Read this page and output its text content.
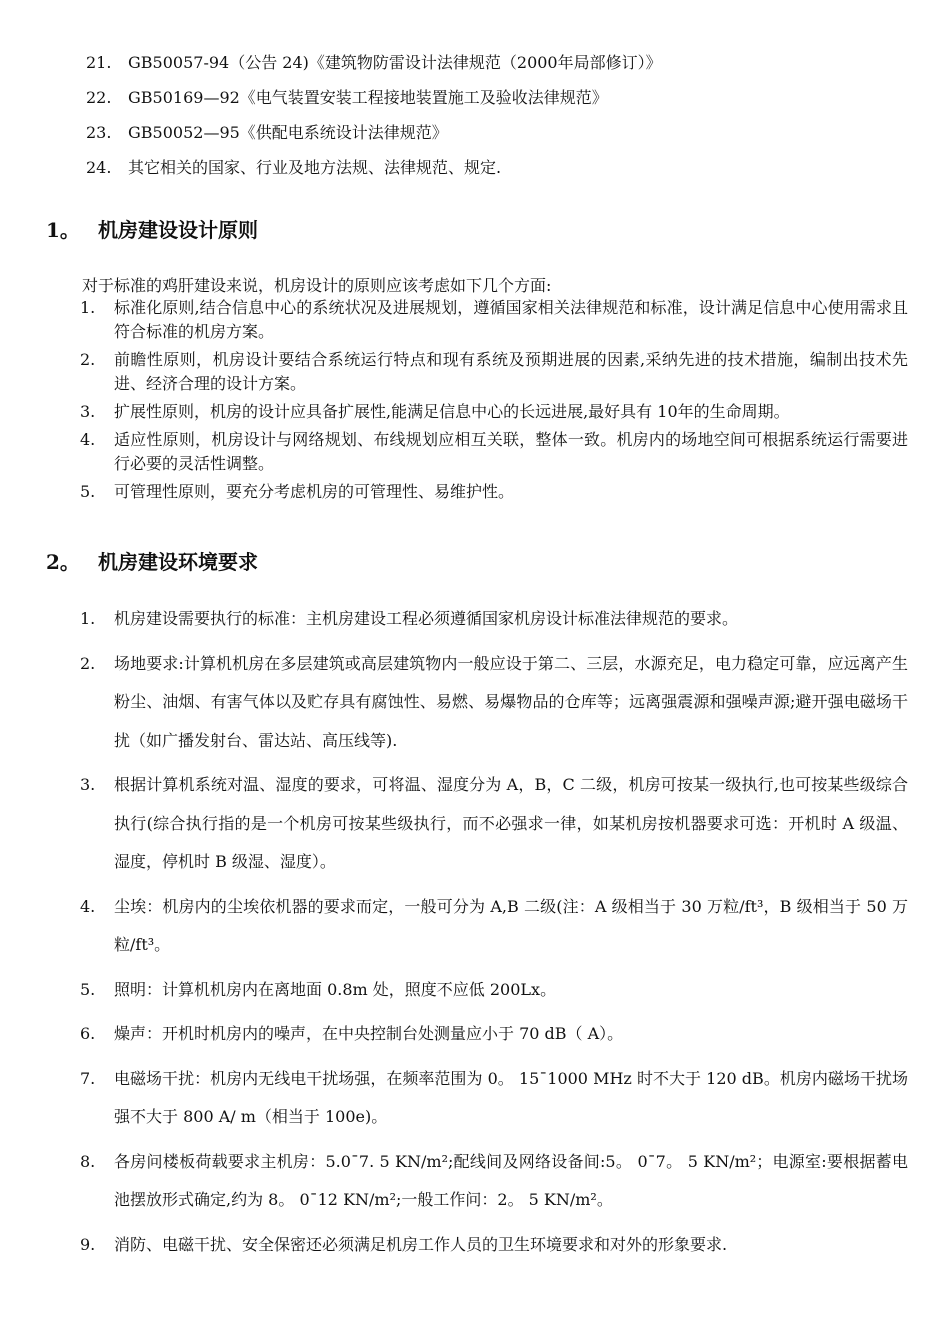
21.	GB50057-94（公告 24)《建筑物防雷设计法律规范（2000年局部修订）》
22.	GB50169—92《电气装置安装工程接地装置施工及验收法律规范》
23.	GB50052—95《供配电系统设计法律规范》
24.	其它相关的国家、行业及地方法规、法律规范、规定.
1。 机房建设设计原则
对于标准的鸡肝建设来说，机房设计的原则应该考虑如下几个方面:
1.	标准化原则,结合信息中心的系统状况及进展规划，遵循国家相关法律规范和标准，设计满足信息中心使用需求且符合标准的机房方案。
2.	前瞻性原则，机房设计要结合系统运行特点和现有系统及预期进展的因素,采纳先进的技术措施，编制出技术先进、经济合理的设计方案。
3.	扩展性原则，机房的设计应具备扩展性,能满足信息中心的长远进展,最好具有 10年的生命周期。
4.	适应性原则，机房设计与网络规划、布线规划应相互关联，整体一致。机房内的场地空间可根据系统运行需要进行必要的灵活性调整。
5.	可管理性原则，要充分考虑机房的可管理性、易维护性。
2。 机房建设环境要求
1.	机房建设需要执行的标准：主机房建设工程必须遵循国家机房设计标准法律规范的要求。
2.	场地要求:计算机机房在多层建筑或高层建筑物内一般应设于第二、三层，水源充足，电力稳定可靠，应远离产生粉尘、油烟、有害气体以及贮存具有腐蚀性、易燃、易爆物品的仓库等；远离强震源和强噪声源;避开强电磁场干扰（如广播发射台、雷达站、高压线等).
3.	根据计算机系统对温、湿度的要求，可将温、湿度分为 A，B，C 二级，机房可按某一级执行,也可按某些级综合执行(综合执行指的是一个机房可按某些级执行，而不必强求一律，如某机房按机器要求可选：开机时 A 级温、湿度，停机时 B 级湿、湿度）。
4.	尘埃：机房内的尘埃依机器的要求而定，一般可分为 A,B 二级(注：A 级相当于 30 万粒/ft³，B 级相当于 50 万粒/ft³。
5.	照明：计算机机房内在离地面 0.8m 处，照度不应低 200Lx。
6.	燥声：开机时机房内的噪声，在中央控制台处测量应小于 70 dB（ A）。
7.	电磁场干扰：机房内无线电干扰场强，在频率范围为 0。 15¯1000 MHz 时不大于 120 dB。机房内磁场干扰场强不大于 800 A/ m（相当于 100e)。
8.	各房问楼板荷载要求主机房：5.0¯7. 5 KN/m²;配线间及网络设备间:5。 0¯7。 5 KN/m²；电源室:要根据蓄电池摆放形式确定,约为 8。 0¯12 KN/m²;一般工作问：2。 5 KN/m²。
9.	消防、电磁干扰、安全保密还必须满足机房工作人员的卫生环境要求和对外的形象要求.
